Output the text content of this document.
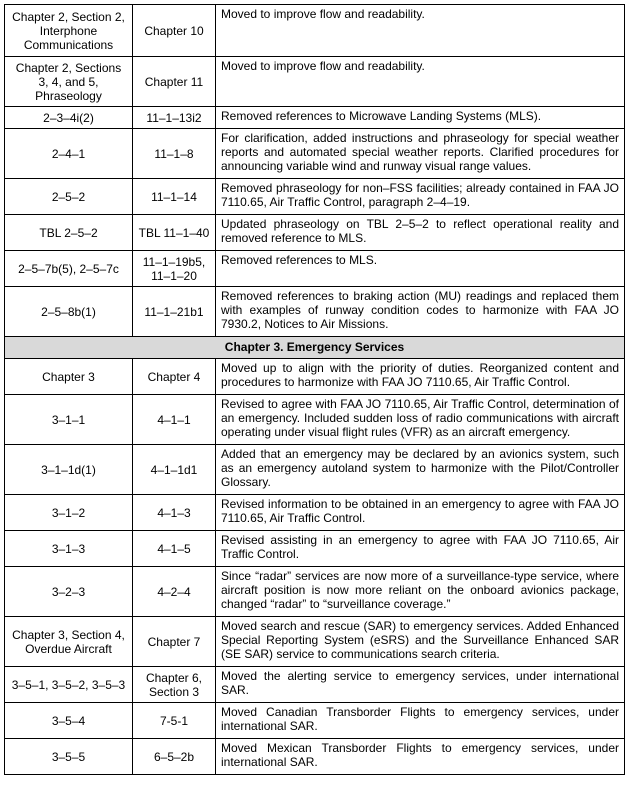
Chapter 2, Section 2, Interphone Communications	Chapter 10	Moved to improve flow and readability.
Chapter 2, Sections 3, 4, and 5, Phraseology	Chapter 11	Moved to improve flow and readability.
2–3–4i(2)	11–1–13i2	Removed references to Microwave Landing Systems (MLS).
2–4–1	11–1–8	For clarification, added instructions and phraseology for special weather reports and automated special weather reports. Clarified procedures for announcing variable wind and runway visual range values.
2–5–2	11–1–14	Removed phraseology for non–FSS facilities; already contained in FAA JO 7110.65, Air Traffic Control, paragraph 2–4–19.
TBL 2–5–2	TBL 11–1–40	Updated phraseology on TBL 2–5–2 to reflect operational reality and removed reference to MLS.
2–5–7b(5), 2–5–7c	11–1–19b5, 11–1–20	Removed references to MLS.
2–5–8b(1)	11–1–21b1	Removed references to braking action (MU) readings and replaced them with examples of runway condition codes to harmonize with FAA JO 7930.2, Notices to Air Missions.
Chapter 3. Emergency Services		
Chapter 3	Chapter 4	Moved up to align with the priority of duties. Reorganized content and procedures to harmonize with FAA JO 7110.65, Air Traffic Control.
3–1–1	4–1–1	Revised to agree with FAA JO 7110.65, Air Traffic Control, determination of an emergency. Included sudden loss of radio communications with aircraft operating under visual flight rules (VFR) as an aircraft emergency.
3–1–1d(1)	4–1–1d1	Added that an emergency may be declared by an avionics system, such as an emergency autoland system to harmonize with the Pilot/Controller Glossary.
3–1–2	4–1–3	Revised information to be obtained in an emergency to agree with FAA JO 7110.65, Air Traffic Control.
3–1–3	4–1–5	Revised assisting in an emergency to agree with FAA JO 7110.65, Air Traffic Control.
3–2–3	4–2–4	Since “radar” services are now more of a surveillance-type service, where aircraft position is now more reliant on the onboard avionics package, changed “radar” to “surveillance coverage.”
Chapter 3, Section 4, Overdue Aircraft	Chapter 7	Moved search and rescue (SAR) to emergency services. Added Enhanced Special Reporting System (eSRS) and the Surveillance Enhanced SAR (SE SAR) service to communications search criteria.
3–5–1, 3–5–2, 3–5–3	Chapter 6, Section 3	Moved the alerting service to emergency services, under international SAR.
3–5–4	7-5-1	Moved Canadian Transborder Flights to emergency services, under international SAR.
3–5–5	6–5–2b	Moved Mexican Transborder Flights to emergency services, under international SAR.
